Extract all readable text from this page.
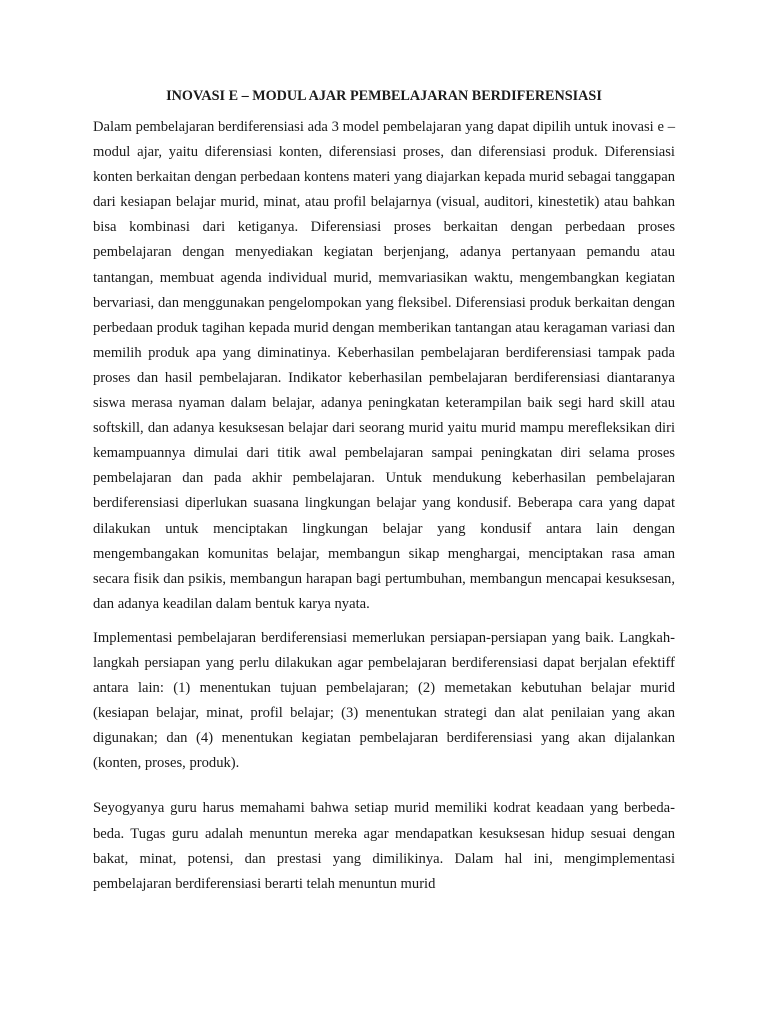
INOVASI E – MODUL AJAR PEMBELAJARAN BERDIFERENSIASI

Dalam pembelajaran berdiferensiasi ada 3 model pembelajaran yang dapat dipilih untuk inovasi e – modul ajar, yaitu diferensiasi konten, diferensiasi proses, dan diferensiasi produk. Diferensiasi konten berkaitan dengan perbedaan kontens materi yang diajarkan kepada murid sebagai tanggapan dari kesiapan belajar murid, minat, atau profil belajarnya (visual, auditori, kinestetik) atau bahkan bisa kombinasi dari ketiganya. Diferensiasi proses berkaitan dengan perbedaan proses pembelajaran dengan menyediakan kegiatan berjenjang, adanya pertanyaan pemandu atau tantangan, membuat agenda individual murid, memvariasikan waktu, mengembangkan kegiatan bervariasi, dan menggunakan pengelompokan yang fleksibel. Diferensiasi produk berkaitan dengan perbedaan produk tagihan kepada murid dengan memberikan tantangan atau keragaman variasi dan memilih produk apa yang diminatinya. Keberhasilan pembelajaran berdiferensiasi tampak pada proses dan hasil pembelajaran. Indikator keberhasilan pembelajaran berdiferensiasi diantaranya siswa merasa nyaman dalam belajar, adanya peningkatan keterampilan baik segi hard skill atau softskill, dan adanya kesuksesan belajar dari seorang murid yaitu murid mampu merefleksikan diri kemampuannya dimulai dari titik awal pembelajaran sampai peningkatan diri selama proses pembelajaran dan pada akhir pembelajaran. Untuk mendukung keberhasilan pembelajaran berdiferensiasi diperlukan suasana lingkungan belajar yang kondusif. Beberapa cara yang dapat dilakukan untuk menciptakan lingkungan belajar yang kondusif antara lain dengan mengembangakan komunitas belajar, membangun sikap menghargai, menciptakan rasa aman secara fisik dan psikis, membangun harapan bagi pertumbuhan, membangun mencapai kesuksesan, dan adanya keadilan dalam bentuk karya nyata.

Implementasi pembelajaran berdiferensiasi memerlukan persiapan-persiapan yang baik. Langkah-langkah persiapan yang perlu dilakukan agar pembelajaran berdiferensiasi dapat berjalan efektiff antara lain: (1) menentukan tujuan pembelajaran; (2) memetakan kebutuhan belajar murid (kesiapan belajar, minat, profil belajar; (3) menentukan strategi dan alat penilaian yang akan digunakan; dan (4) menentukan kegiatan pembelajaran berdiferensiasi yang akan dijalankan (konten, proses, produk).

Seyogyanya guru harus memahami bahwa setiap murid memiliki kodrat keadaan yang berbeda-beda. Tugas guru adalah menuntun mereka agar mendapatkan kesuksesan hidup sesuai dengan bakat, minat, potensi, dan prestasi yang dimilikinya. Dalam hal ini, mengimplementasi pembelajaran berdiferensiasi berarti telah menuntun murid
